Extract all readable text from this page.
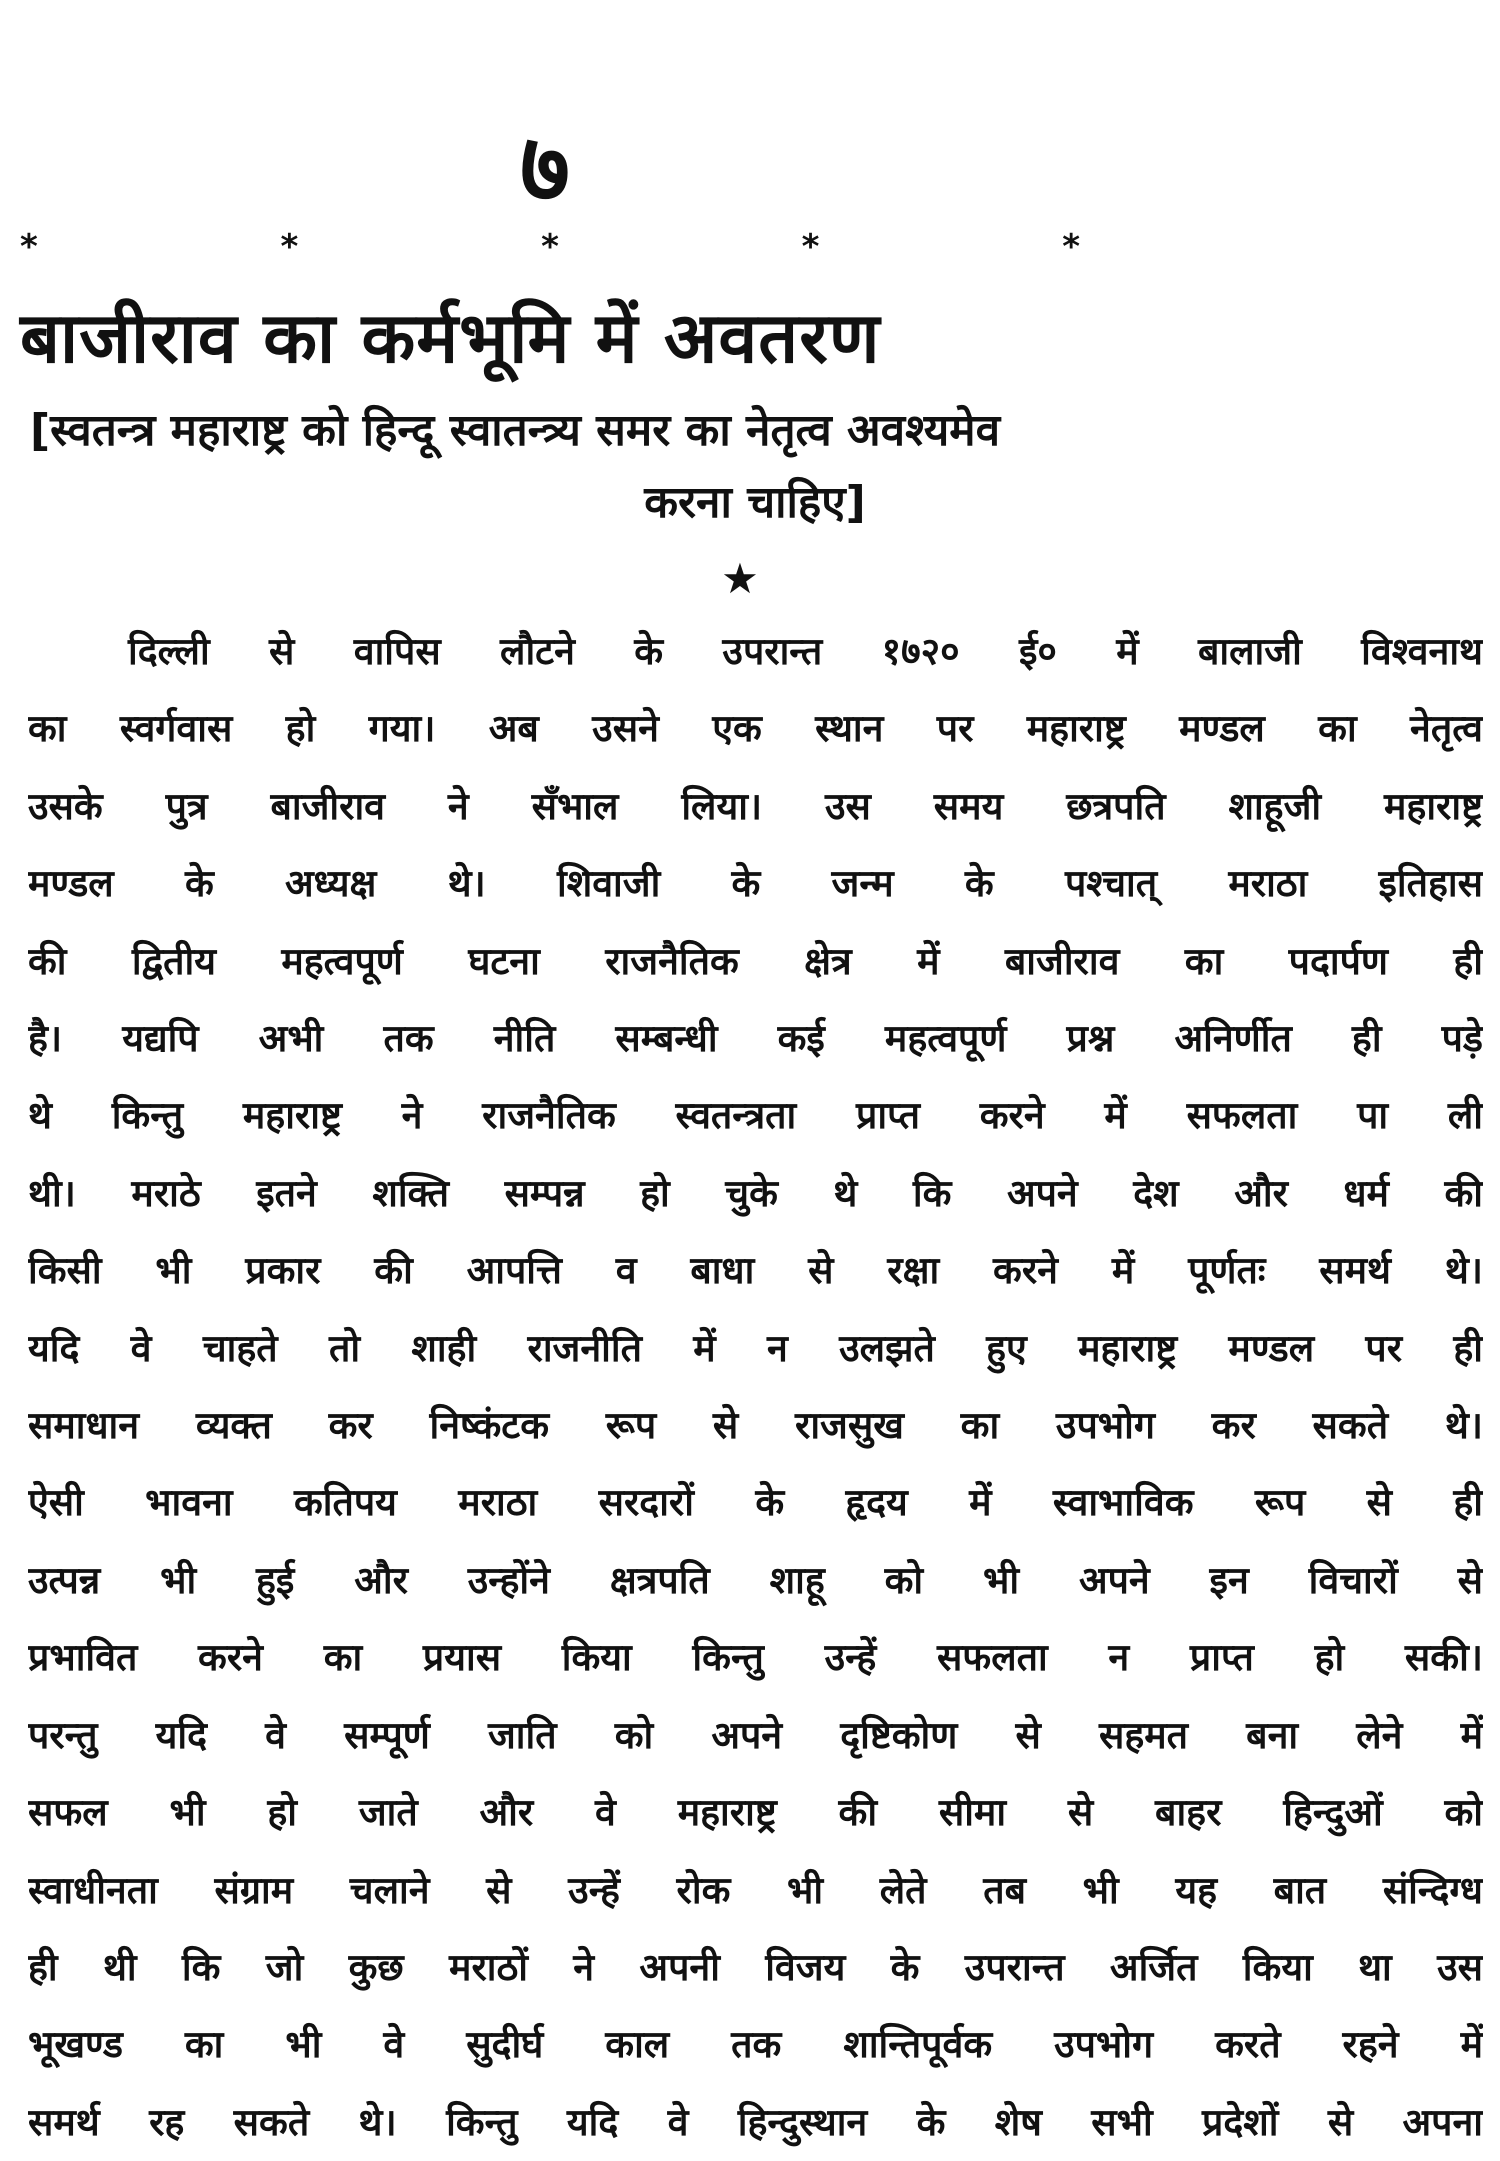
७
*	*	*	*	*
बाजीराव का कर्मभूमि में अवतरण
[स्वतन्त्र महाराष्ट्र को हिन्दू स्वातन्त्र्य समर का नेतृत्व अवश्यमेव
करना चाहिए]
★
दिल्ली से वापिस लौटने के उपरान्त १७२० ई० में बालाजी विश्वनाथ
का स्वर्गवास हो गया। अब उसने एक स्थान पर महाराष्ट्र मण्डल का नेतृत्व
उसके पुत्र बाजीराव ने सँभाल लिया। उस समय छत्रपति शाहूजी महाराष्ट्र
मण्डल के अध्यक्ष थे। शिवाजी के जन्म के पश्चात् मराठा इतिहास
की द्वितीय महत्वपूर्ण घटना राजनैतिक क्षेत्र में बाजीराव का पदार्पण ही
है। यद्यपि अभी तक नीति सम्बन्धी कई महत्वपूर्ण प्रश्न अनिर्णीत ही पड़े
थे किन्तु महाराष्ट्र ने राजनैतिक स्वतन्त्रता प्राप्त करने में सफलता पा ली
थी। मराठे इतने शक्ति सम्पन्न हो चुके थे कि अपने देश और धर्म की
किसी भी प्रकार की आपत्ति व बाधा से रक्षा करने में पूर्णतः समर्थ थे।
यदि वे चाहते तो शाही राजनीति में न उलझते हुए महाराष्ट्र मण्डल पर ही
समाधान व्यक्त कर निष्कंटक रूप से राजसुख का उपभोग कर सकते थे।
ऐसी भावना कतिपय मराठा सरदारों के हृदय में स्वाभाविक रूप से ही
उत्पन्न भी हुई और उन्होंने क्षत्रपति शाहू को भी अपने इन विचारों से
प्रभावित करने का प्रयास किया किन्तु उन्हें सफलता न प्राप्त हो सकी।
परन्तु यदि वे सम्पूर्ण जाति को अपने दृष्टिकोण से सहमत बना लेने में
सफल भी हो जाते और वे महाराष्ट्र की सीमा से बाहर हिन्दुओं को
स्वाधीनता संग्राम चलाने से उन्हें रोक भी लेते तब भी यह बात संन्दिग्ध
ही थी कि जो कुछ मराठों ने अपनी विजय के उपरान्त अर्जित किया था उस
भूखण्ड का भी वे सुदीर्घ काल तक शान्तिपूर्वक उपभोग करते रहने में
समर्थ रह सकते थे। किन्तु यदि वे हिन्दुस्थान के शेष सभी प्रदेशों से अपना
